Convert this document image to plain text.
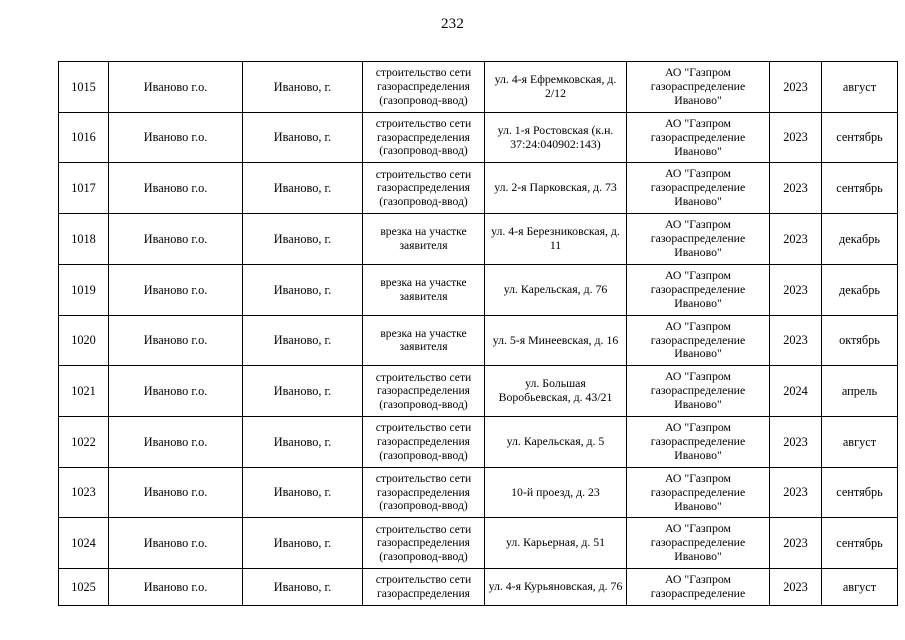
232
1015	Иваново г.о.	Иваново, г.	строительство сети газораспределения (газопровод-ввод)	ул. 4-я Ефремковская, д. 2/12	АО "Газпром газораспределение Иваново"	2023	август
1016	Иваново г.о.	Иваново, г.	строительство сети газораспределения (газопровод-ввод)	ул. 1-я Ростовская (к.н. 37:24:040902:143)	АО "Газпром газораспределение Иваново"	2023	сентябрь
1017	Иваново г.о.	Иваново, г.	строительство сети газораспределения (газопровод-ввод)	ул. 2-я Парковская, д. 73	АО "Газпром газораспределение Иваново"	2023	сентябрь
1018	Иваново г.о.	Иваново, г.	врезка на участке заявителя	ул. 4-я Березниковская, д. 11	АО "Газпром газораспределение Иваново"	2023	декабрь
1019	Иваново г.о.	Иваново, г.	врезка на участке заявителя	ул. Карельская, д. 76	АО "Газпром газораспределение Иваново"	2023	декабрь
1020	Иваново г.о.	Иваново, г.	врезка на участке заявителя	ул. 5-я Минеевская, д. 16	АО "Газпром газораспределение Иваново"	2023	октябрь
1021	Иваново г.о.	Иваново, г.	строительство сети газораспределения (газопровод-ввод)	ул. Большая Воробьевская, д. 43/21	АО "Газпром газораспределение Иваново"	2024	апрель
1022	Иваново г.о.	Иваново, г.	строительство сети газораспределения (газопровод-ввод)	ул. Карельская, д. 5	АО "Газпром газораспределение Иваново"	2023	август
1023	Иваново г.о.	Иваново, г.	строительство сети газораспределения (газопровод-ввод)	10-й проезд, д. 23	АО "Газпром газораспределение Иваново"	2023	сентябрь
1024	Иваново г.о.	Иваново, г.	строительство сети газораспределения (газопровод-ввод)	ул. Карьерная, д. 51	АО "Газпром газораспределение Иваново"	2023	сентябрь
1025	Иваново г.о.	Иваново, г.	строительство сети газораспределения	ул. 4-я Курьяновская, д. 76	АО "Газпром газораспределение	2023	август
